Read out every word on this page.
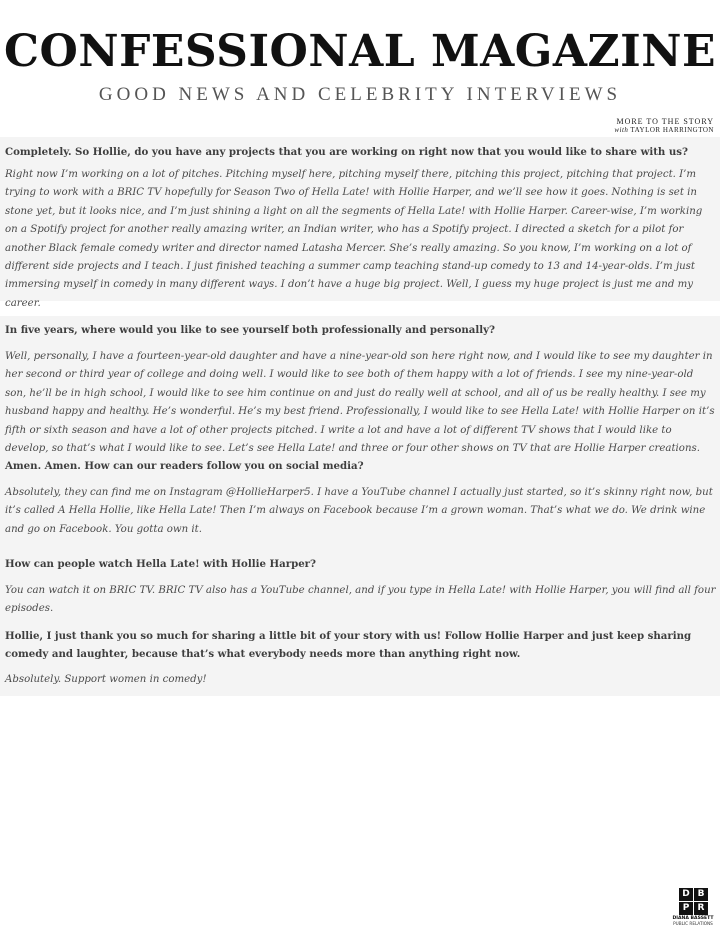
CONFESSIONAL MAGAZINE
GOOD NEWS AND CELEBRITY INTERVIEWS
MORE TO THE STORY
with TAYLOR HARRINGTON
Completely. So Hollie, do you have any projects that you are working on right now that you would like to share with us?
Right now I’m working on a lot of pitches. Pitching myself here, pitching myself there, pitching this project, pitching that project. I’m trying to work with a BRIC TV hopefully for Season Two of Hella Late! with Hollie Harper, and we’ll see how it goes. Nothing is set in stone yet, but it looks nice, and I’m just shining a light on all the segments of Hella Late! with Hollie Harper. Career-wise, I’m working on a Spotify project for another really amazing writer, an Indian writer, who has a Spotify project. I directed a sketch for a pilot for another Black female comedy writer and director named Latasha Mercer. She’s really amazing. So you know, I’m working on a lot of different side projects and I teach. I just finished teaching a summer camp teaching stand-up comedy to 13 and 14-year-olds. I’m just immersing myself in comedy in many different ways. I don’t have a huge big project. Well, I guess my huge project is just me and my career.
In five years, where would you like to see yourself both professionally and personally?
Well, personally, I have a fourteen-year-old daughter and have a nine-year-old son here right now, and I would like to see my daughter in her second or third year of college and doing well. I would like to see both of them happy with a lot of friends. I see my nine-year-old son, he’ll be in high school, I would like to see him continue on and just do really well at school, and all of us be really healthy. I see my husband happy and healthy. He’s wonderful. He’s my best friend. Professionally, I would like to see Hella Late! with Hollie Harper on it’s fifth or sixth season and have a lot of other projects pitched. I write a lot and have a lot of different TV shows that I would like to develop, so that’s what I would like to see. Let’s see Hella Late! and three or four other shows on TV that are Hollie Harper creations.
Amen. Amen. How can our readers follow you on social media?
Absolutely, they can find me on Instagram @HollieHarper5. I have a YouTube channel I actually just started, so it’s skinny right now, but it’s called A Hella Hollie, like Hella Late! Then I’m always on Facebook because I’m a grown woman. That’s what we do. We drink wine and go on Facebook. You gotta own it.
How can people watch Hella Late! with Hollie Harper?
You can watch it on BRIC TV. BRIC TV also has a YouTube channel, and if you type in Hella Late! with Hollie Harper, you will find all four episodes.
Hollie, I just thank you so much for sharing a little bit of your story with us! Follow Hollie Harper and just keep sharing comedy and laughter, because that’s what everybody needs more than anything right now.
Absolutely. Support women in comedy!
D B
P R
DIANA BASSETT
PUBLIC RELATIONS
